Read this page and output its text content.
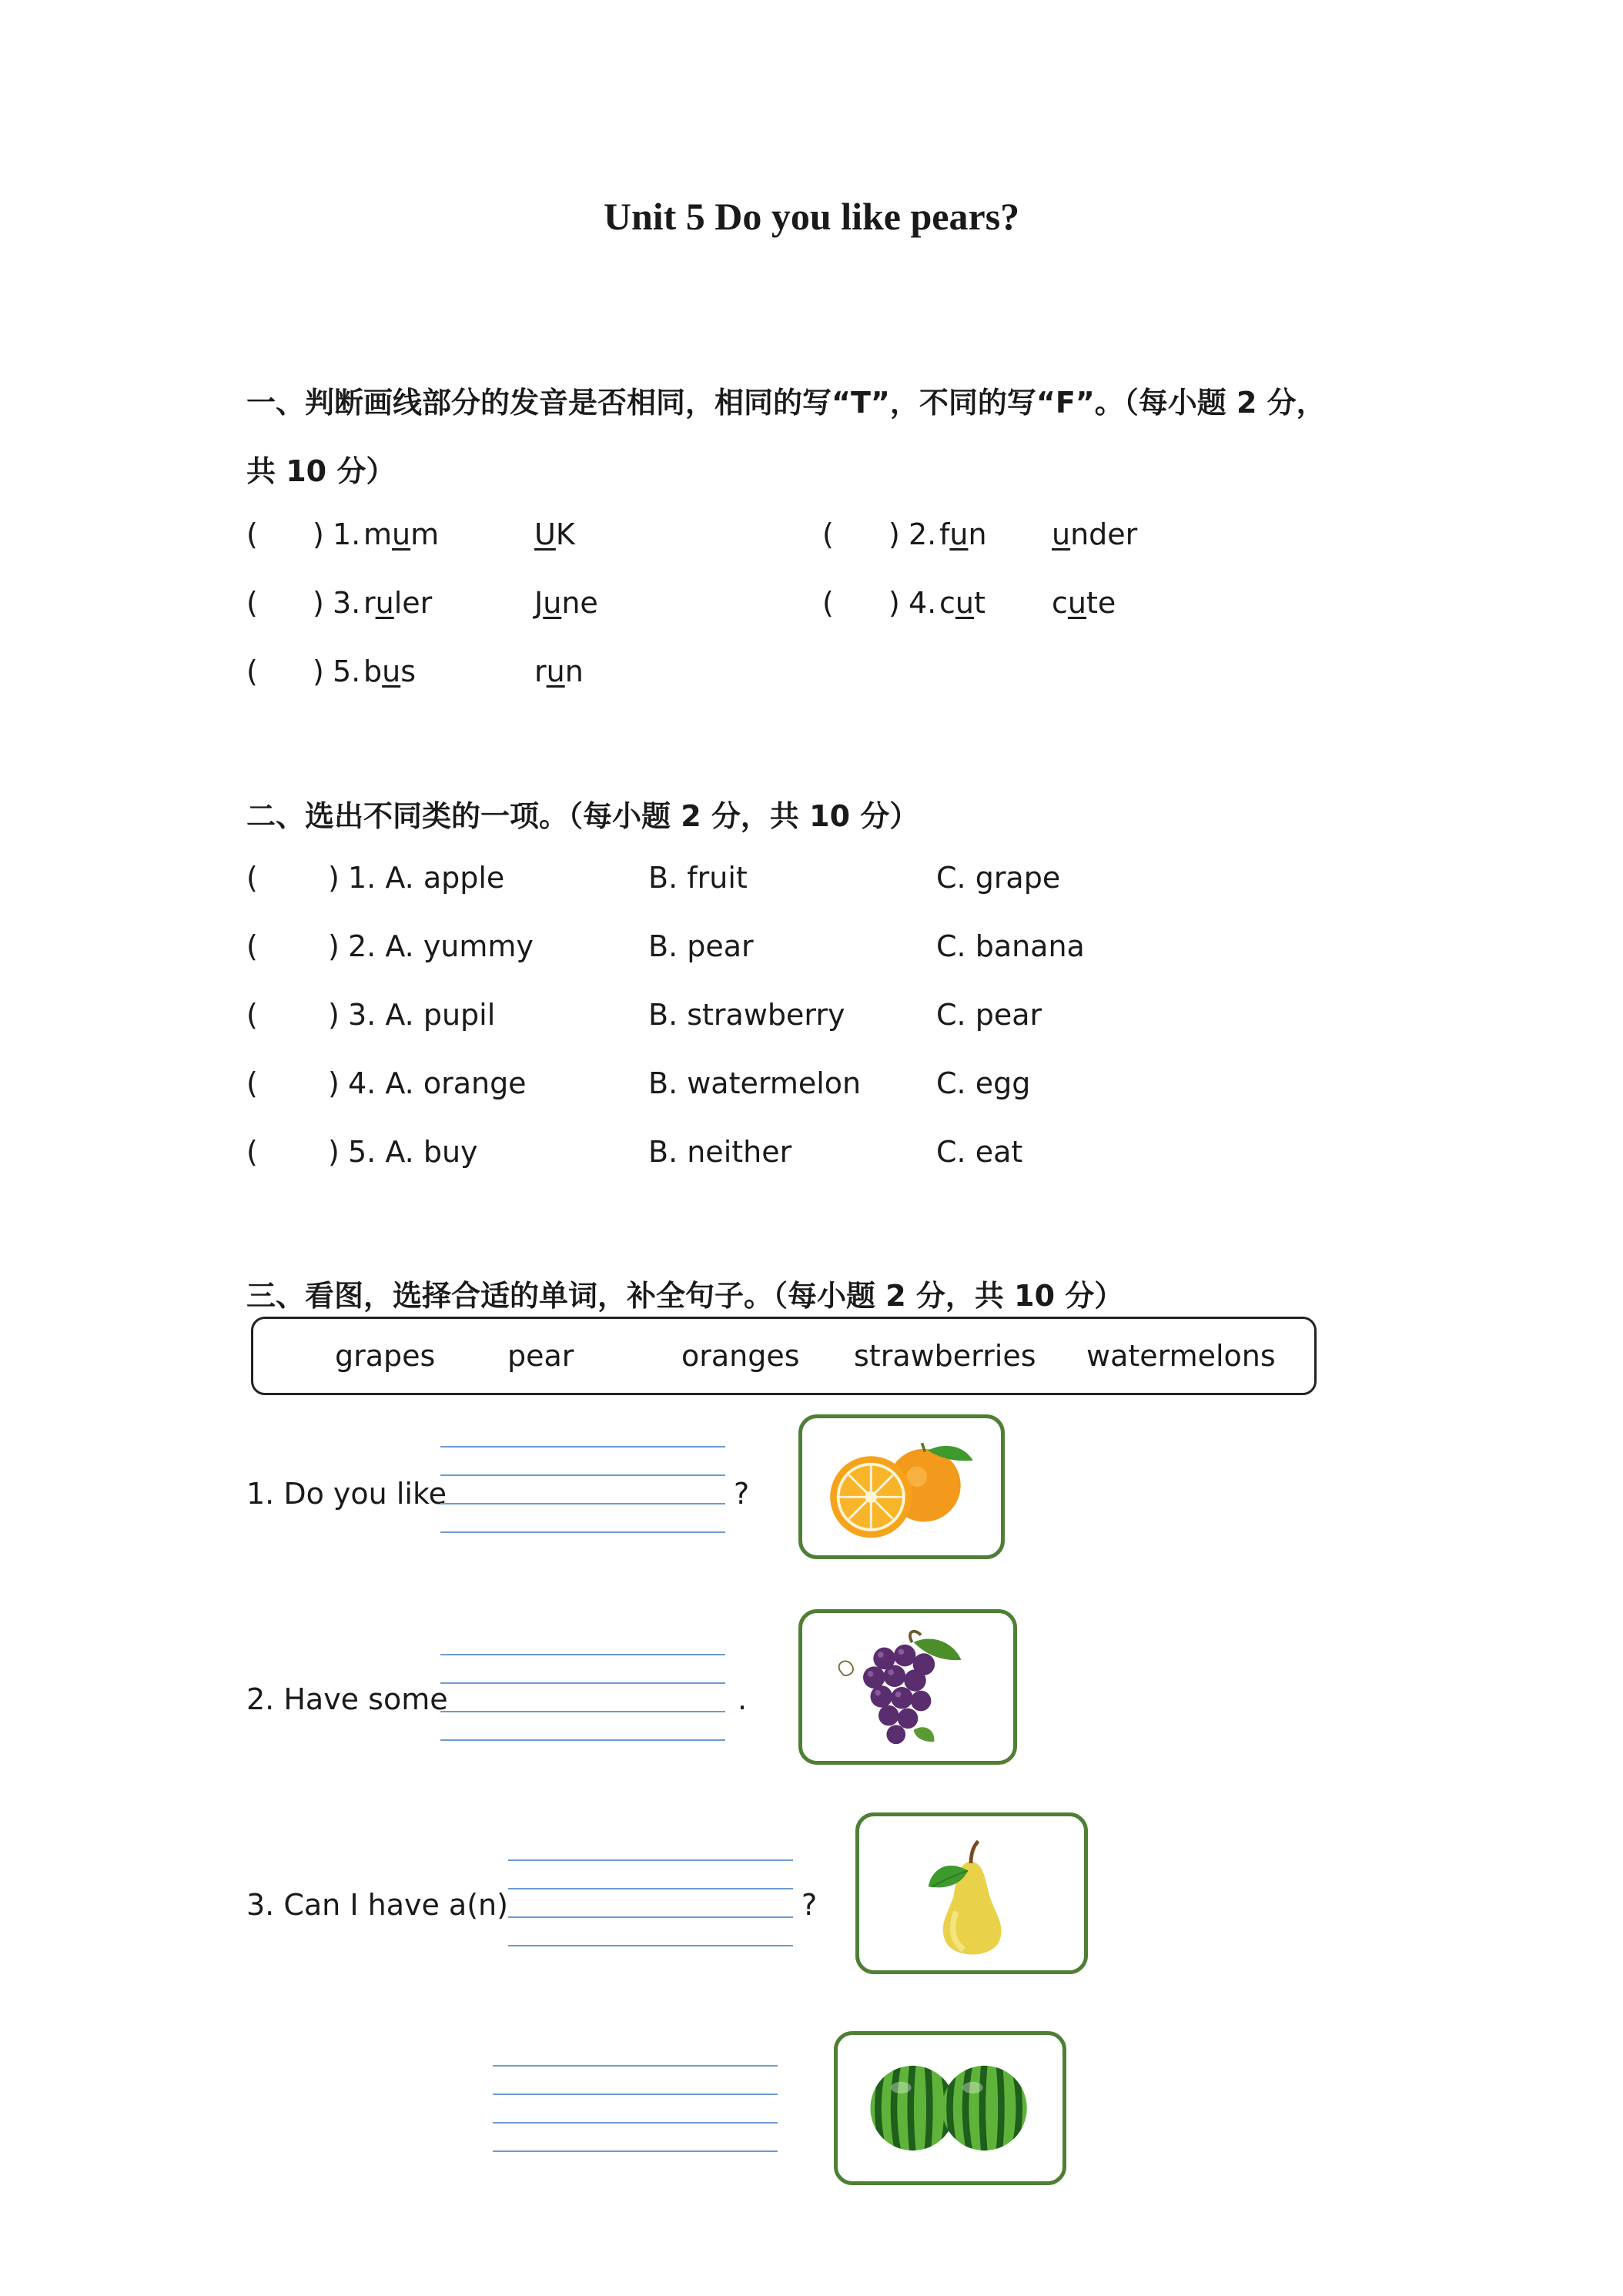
Unit 5 Do you like pears?
一、判断画线部分的发音是否相同，相同的写“T”，不同的写“F”。（每小题 2 分，
共 10 分）
( ) 1. mum	UK	( ) 2. fun under
( ) 3. ruler	June	( ) 4. cut cute
( ) 5. bus	run
二、选出不同类的一项。（每小题 2 分，共 10 分）
( ) 1. A. apple	B. fruit	C. grape
( ) 2. A. yummy	B. pear	C. banana
( ) 3. A. pupil	B. strawberry	C. pear
( ) 4. A. orange	B. watermelon	C. egg
( ) 5. A. buy	B. neither	C. eat
三、看图，选择合适的单词，补全句子。（每小题 2 分，共 10 分）
grapes pear	oranges strawberries watermelons
1. Do you like	?
2. Have some	.
3. Can I have a(n)	?
